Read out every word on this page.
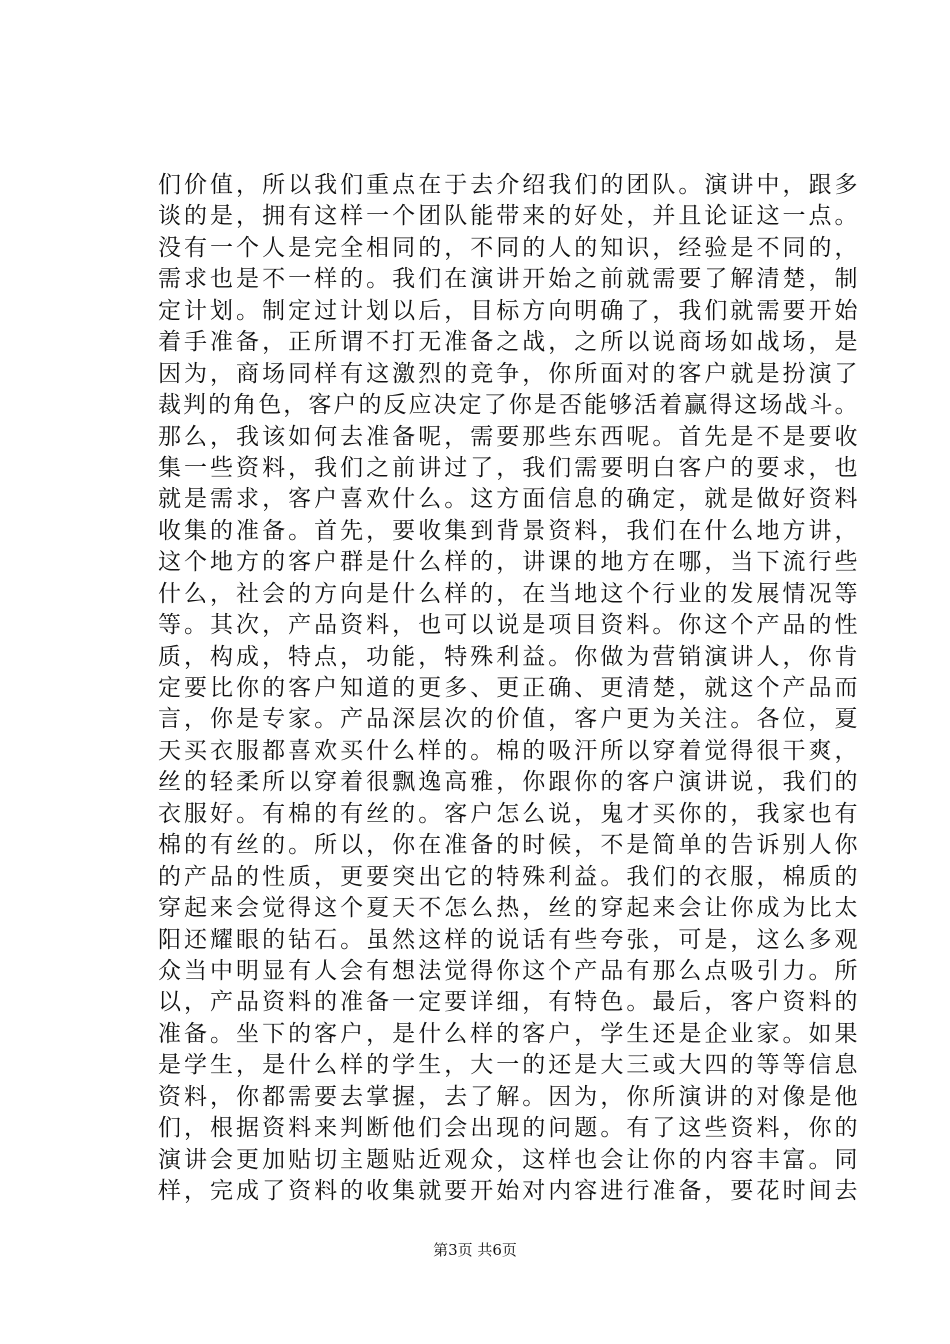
们价值，所以我们重点在于去介绍我们的团队。演讲中，跟多
谈的是，拥有这样一个团队能带来的好处，并且论证这一点。
没有一个人是完全相同的，不同的人的知识，经验是不同的，
需求也是不一样的。我们在演讲开始之前就需要了解清楚，制
定计划。制定过计划以后，目标方向明确了，我们就需要开始
着手准备，正所谓不打无准备之战，之所以说商场如战场，是
因为，商场同样有这激烈的竞争，你所面对的客户就是扮演了
裁判的角色，客户的反应决定了你是否能够活着赢得这场战斗。
那么，我该如何去准备呢，需要那些东西呢。首先是不是要收
集一些资料，我们之前讲过了，我们需要明白客户的要求，也
就是需求，客户喜欢什么。这方面信息的确定，就是做好资料
收集的准备。首先，要收集到背景资料，我们在什么地方讲，
这个地方的客户群是什么样的，讲课的地方在哪，当下流行些
什么，社会的方向是什么样的，在当地这个行业的发展情况等
等。其次，产品资料，也可以说是项目资料。你这个产品的性
质，构成，特点，功能，特殊利益。你做为营销演讲人，你肯
定要比你的客户知道的更多、更正确、更清楚，就这个产品而
言，你是专家。产品深层次的价值，客户更为关注。各位，夏
天买衣服都喜欢买什么样的。棉的吸汗所以穿着觉得很干爽，
丝的轻柔所以穿着很飘逸高雅，你跟你的客户演讲说，我们的
衣服好。有棉的有丝的。客户怎么说，鬼才买你的，我家也有
棉的有丝的。所以，你在准备的时候，不是简单的告诉别人你
的产品的性质，更要突出它的特殊利益。我们的衣服，棉质的
穿起来会觉得这个夏天不怎么热，丝的穿起来会让你成为比太
阳还耀眼的钻石。虽然这样的说话有些夸张，可是，这么多观
众当中明显有人会有想法觉得你这个产品有那么点吸引力。所
以，产品资料的准备一定要详细，有特色。最后，客户资料的
准备。坐下的客户，是什么样的客户，学生还是企业家。如果
是学生，是什么样的学生，大一的还是大三或大四的等等信息
资料，你都需要去掌握，去了解。因为，你所演讲的对像是他
们，根据资料来判断他们会出现的问题。有了这些资料，你的
演讲会更加贴切主题贴近观众，这样也会让你的内容丰富。同
样，完成了资料的收集就要开始对内容进行准备，要花时间去
第3页 共6页
